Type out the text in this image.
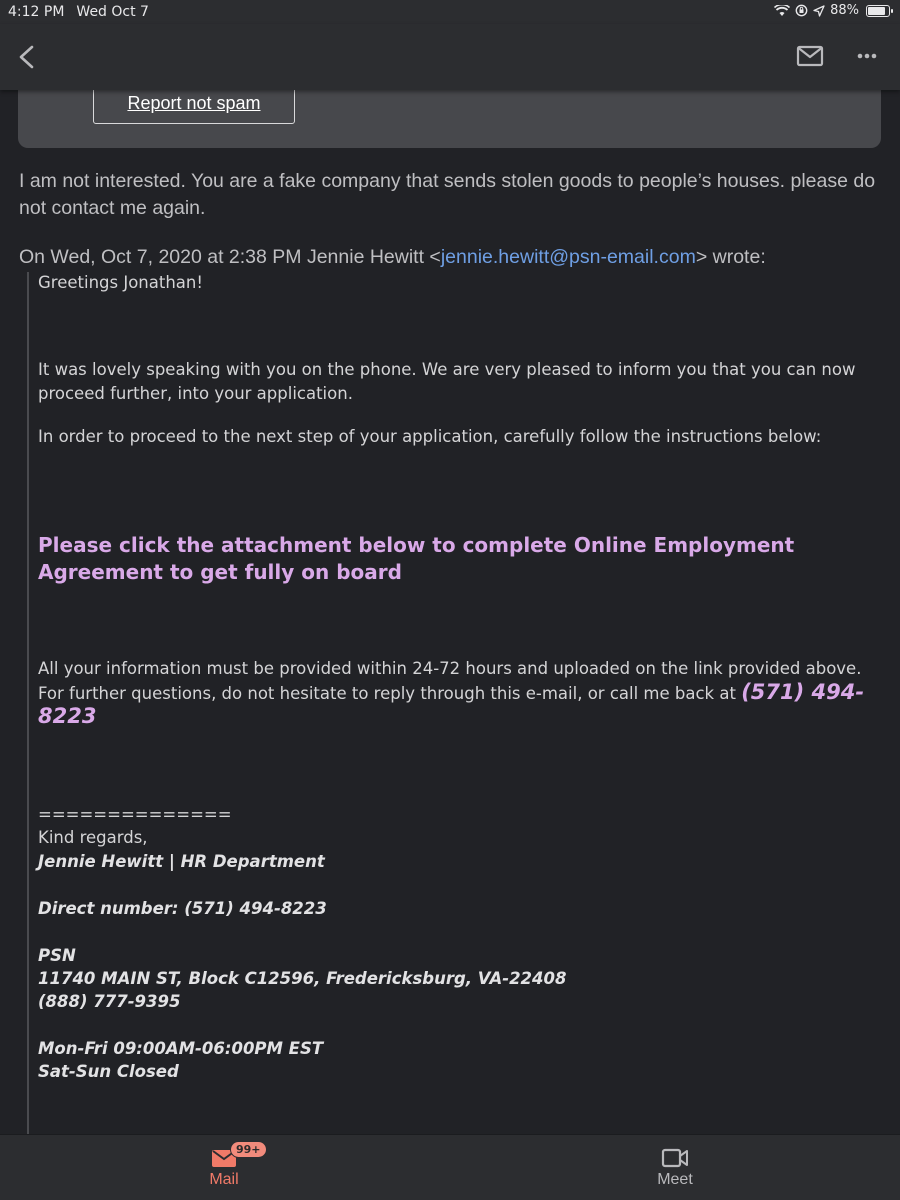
4:12 PM Wed Oct 7	88%
Report not spam
I am not interested. You are a fake company that sends stolen goods to people’s houses. please do not contact me again.
On Wed, Oct 7, 2020 at 2:38 PM Jennie Hewitt <jennie.hewitt@psn-email.com> wrote:
Greetings Jonathan!
It was lovely speaking with you on the phone. We are very pleased to inform you that you can now proceed further, into your application.
In order to proceed to the next step of your application, carefully follow the instructions below:
Please click the attachment below to complete Online Employment Agreement to get fully on board
All your information must be provided within 24-72 hours and uploaded on the link provided above. For further questions, do not hesitate to reply through this e-mail, or call me back at (571) 494-8223
==============
Kind regards,
Jennie Hewitt | HR Department
Direct number: (571) 494-8223
PSN
11740 MAIN ST, Block C12596, Fredericksburg, VA-22408
(888) 777-9395
Mon-Fri 09:00AM-06:00PM EST
Sat-Sun Closed
99+
Mail	Meet
